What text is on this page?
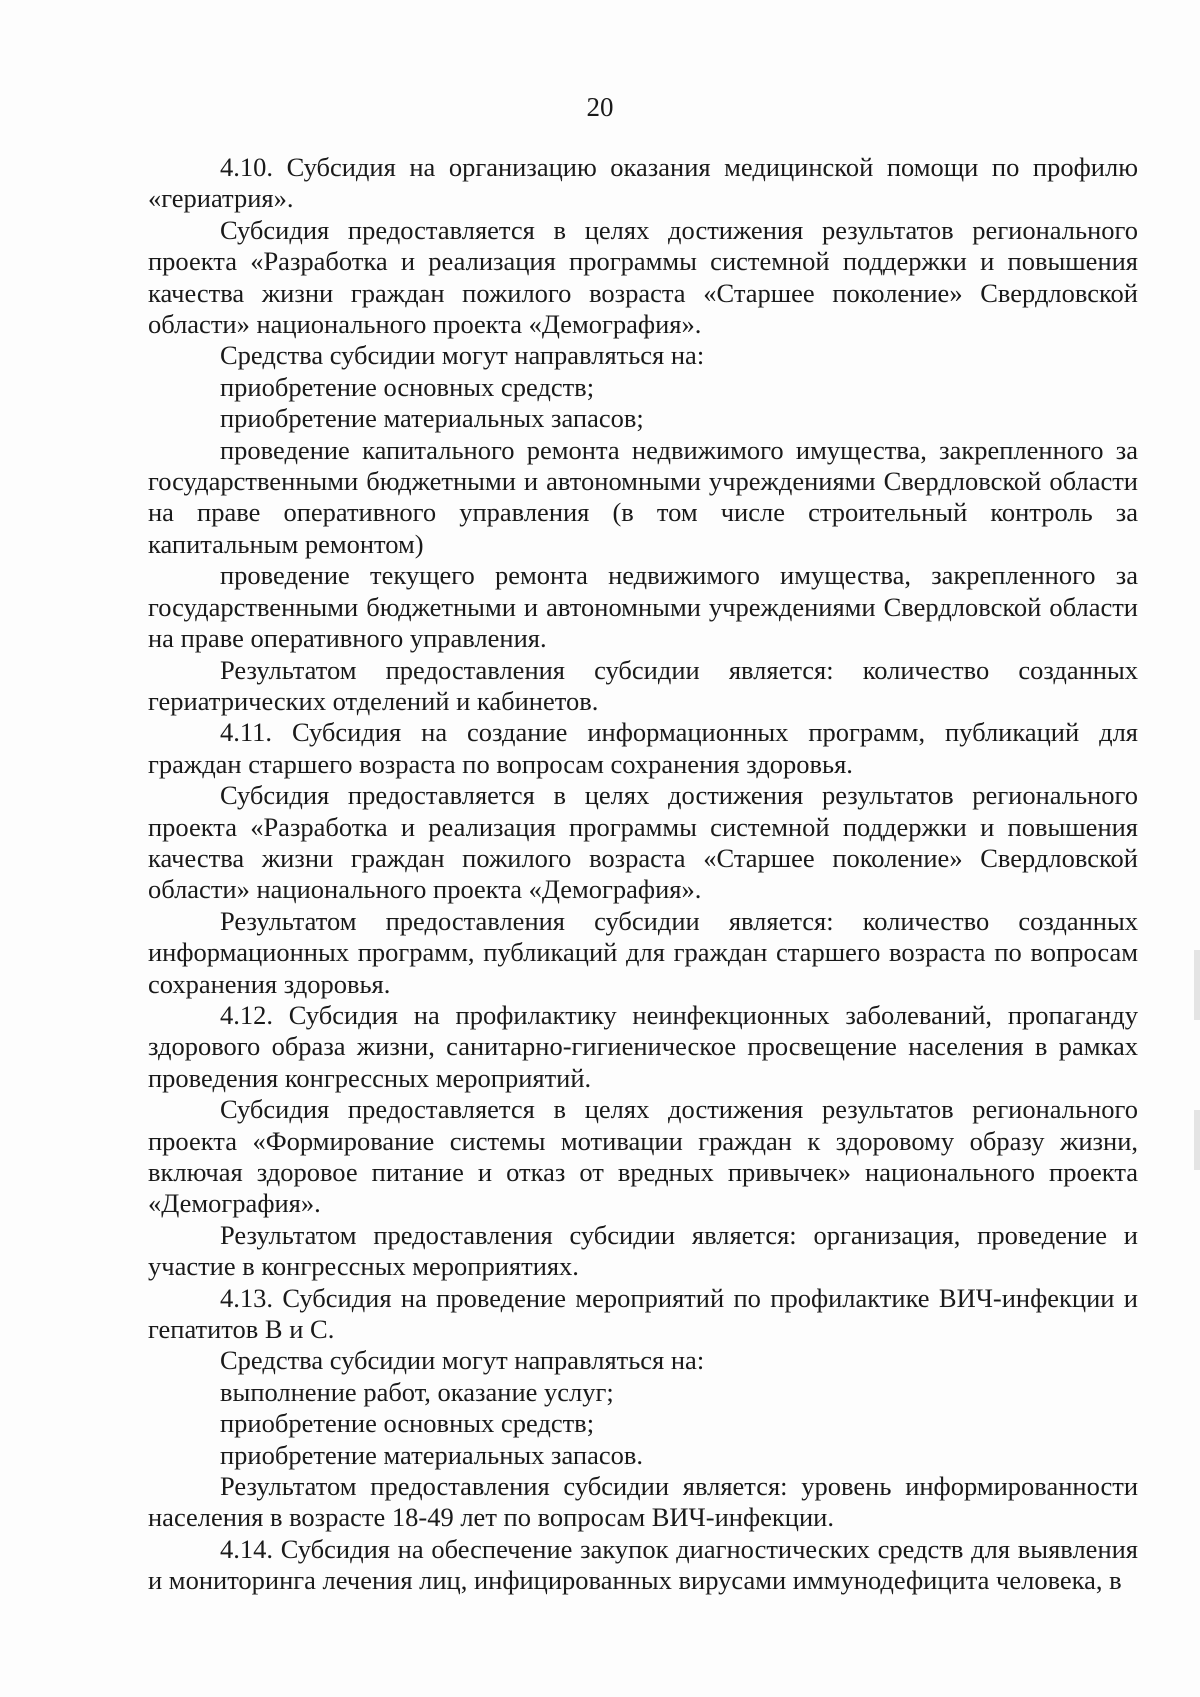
20

4.10. Субсидия на организацию оказания медицинской помощи по профилю «гериатрия».

Субсидия предоставляется в целях достижения результатов регионального проекта «Разработка и реализация программы системной поддержки и повышения качества жизни граждан пожилого возраста «Старшее поколение» Свердловской области» национального проекта «Демография».

Средства субсидии могут направляться на:

приобретение основных средств;

приобретение материальных запасов;

проведение капитального ремонта недвижимого имущества, закрепленного за государственными бюджетными и автономными учреждениями Свердловской области на праве оперативного управления (в том числе строительный контроль за капитальным ремонтом)

проведение текущего ремонта недвижимого имущества, закрепленного за государственными бюджетными и автономными учреждениями Свердловской области на праве оперативного управления.

Результатом предоставления субсидии является: количество созданных гериатрических отделений и кабинетов.

4.11. Субсидия на создание информационных программ, публикаций для граждан старшего возраста по вопросам сохранения здоровья.

Субсидия предоставляется в целях достижения результатов регионального проекта «Разработка и реализация программы системной поддержки и повышения качества жизни граждан пожилого возраста «Старшее поколение» Свердловской области» национального проекта «Демография».

Результатом предоставления субсидии является: количество созданных информационных программ, публикаций для граждан старшего возраста по вопросам сохранения здоровья.

4.12. Субсидия на профилактику неинфекционных заболеваний, пропаганду здорового образа жизни, санитарно-гигиеническое просвещение населения в рамках проведения конгрессных мероприятий.

Субсидия предоставляется в целях достижения результатов регионального проекта «Формирование системы мотивации граждан к здоровому образу жизни, включая здоровое питание и отказ от вредных привычек» национального проекта «Демография».

Результатом предоставления субсидии является: организация, проведение и участие в конгрессных мероприятиях.

4.13. Субсидия на проведение мероприятий по профилактике ВИЧ-инфекции и гепатитов В и С.

Средства субсидии могут направляться на:

выполнение работ, оказание услуг;

приобретение основных средств;

приобретение материальных запасов.

Результатом предоставления субсидии является: уровень информированности населения в возрасте 18-49 лет по вопросам ВИЧ-инфекции.

4.14. Субсидия на обеспечение закупок диагностических средств для выявления и мониторинга лечения лиц, инфицированных вирусами иммунодефицита человека, в
